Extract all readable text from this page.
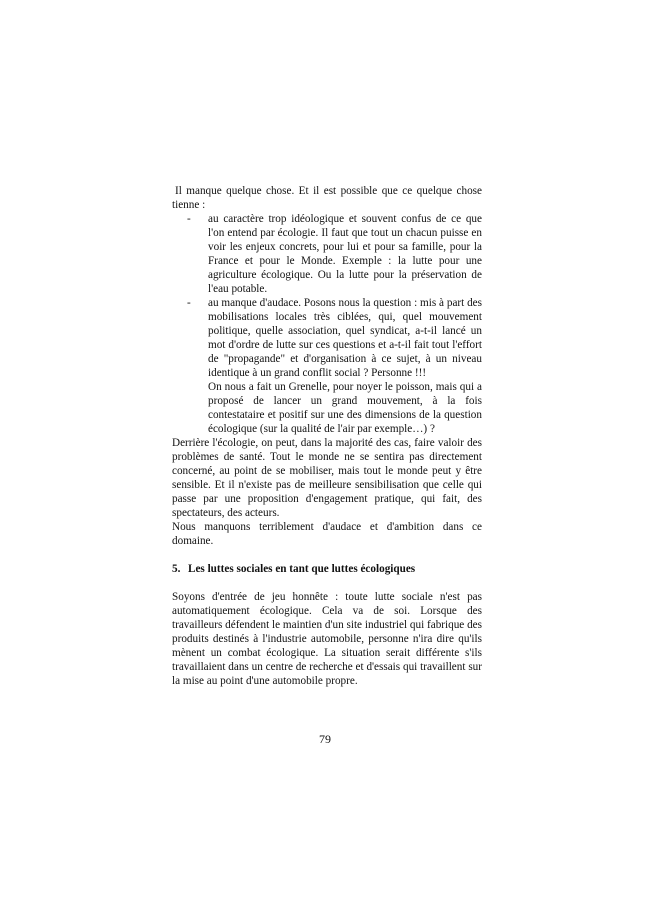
Il manque quelque chose. Et il est possible que ce quelque chose tienne :

- au caractère trop idéologique et souvent confus de ce que l'on entend par écologie. Il faut que tout un chacun puisse en voir les enjeux concrets, pour lui et pour sa famille, pour la France et pour le Monde. Exemple : la lutte pour une agriculture écologique. Ou la lutte pour la préservation de l'eau potable.

- au manque d'audace. Posons nous la question : mis à part des mobilisations locales très ciblées, qui, quel mouvement politique, quelle association, quel syndicat, a-t-il lancé un mot d'ordre de lutte sur ces questions et a-t-il fait tout l'effort de "propagande" et d'organisation à ce sujet, à un niveau identique à un grand conflit social ? Personne !!!

On nous a fait un Grenelle, pour noyer le poisson, mais qui a proposé de lancer un grand mouvement, à la fois contestataire et positif sur une des dimensions de la question écologique (sur la qualité de l'air par exemple…) ?

Derrière l'écologie, on peut, dans la majorité des cas, faire valoir des problèmes de santé. Tout le monde ne se sentira pas directement concerné, au point de se mobiliser, mais tout le monde peut y être sensible. Et il n'existe pas de meilleure sensibilisation que celle qui passe par une proposition d'engagement pratique, qui fait, des spectateurs, des acteurs.

Nous manquons terriblement d'audace et d'ambition dans ce domaine.

5. Les luttes sociales en tant que luttes écologiques

Soyons d'entrée de jeu honnête : toute lutte sociale n'est pas automatiquement écologique. Cela va de soi. Lorsque des travailleurs défendent le maintien d'un site industriel qui fabrique des produits destinés à l'industrie automobile, personne n'ira dire qu'ils mènent un combat écologique. La situation serait différente s'ils travaillaient dans un centre de recherche et d'essais qui travaillent sur la mise au point d'une automobile propre.

79
